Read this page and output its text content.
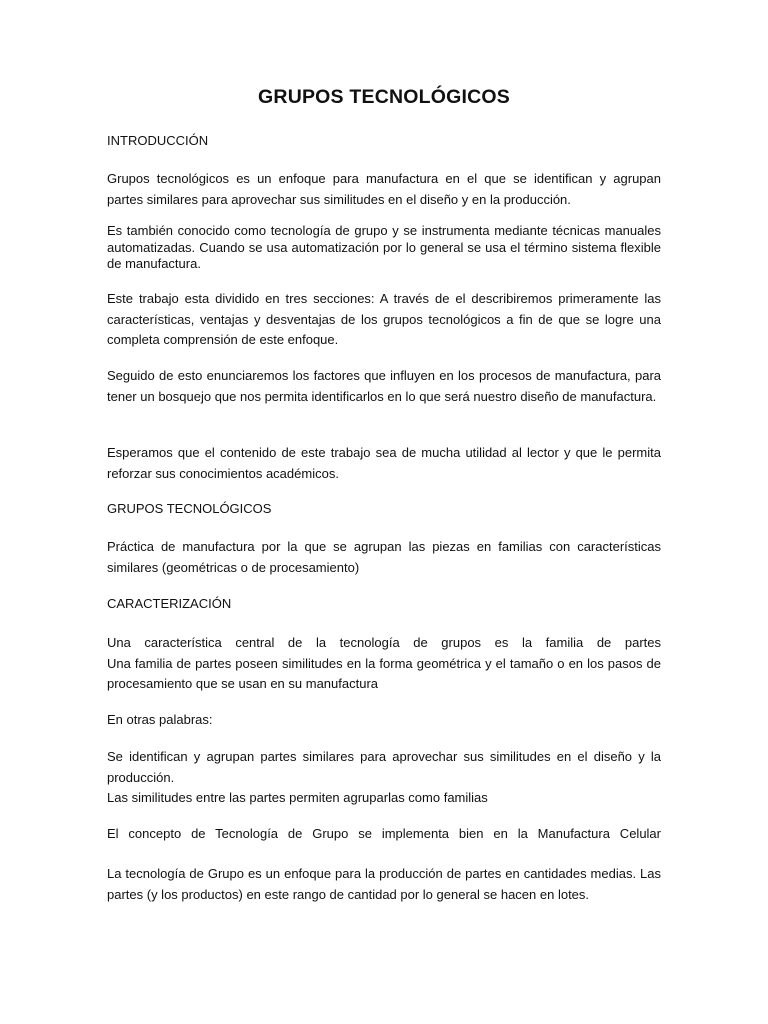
GRUPOS TECNOLÓGICOS

INTRODUCCIÓN

Grupos tecnológicos es un enfoque para manufactura en el que se identifican y agrupan
partes similares para aprovechar sus similitudes en el diseño y en la producción.

Es también conocido como tecnología de grupo y se instrumenta mediante técnicas manuales automatizadas. Cuando se usa automatización por lo general se usa el término sistema flexible de manufactura.

Este trabajo esta dividido en tres secciones: A través de el describiremos primeramente las características, ventajas y desventajas de los grupos tecnológicos a fin de que se logre una completa comprensión de este enfoque.

Seguido de esto enunciaremos los factores que influyen en los procesos de manufactura, para tener un bosquejo que nos permita identificarlos en lo que será nuestro diseño de manufactura.

Esperamos que el contenido de este trabajo sea de mucha utilidad al lector y que le permita reforzar sus conocimientos académicos.

GRUPOS TECNOLÓGICOS

Práctica de manufactura por la que se agrupan las piezas en familias con características similares (geométricas o de procesamiento)

CARACTERIZACIÓN

Una característica central de la tecnología de grupos es la familia de partes
Una familia de partes poseen similitudes en la forma geométrica y el tamaño o en los pasos de procesamiento que se usan en su manufactura

En otras palabras:

Se identifican y agrupan partes similares para aprovechar sus similitudes en el diseño y la producción.
Las similitudes entre las partes permiten agruparlas como familias

El concepto de Tecnología de Grupo se implementa bien en la Manufactura Celular

La tecnología de Grupo es un enfoque para la producción de partes en cantidades medias. Las partes (y los productos) en este rango de cantidad por lo general se hacen en lotes.
